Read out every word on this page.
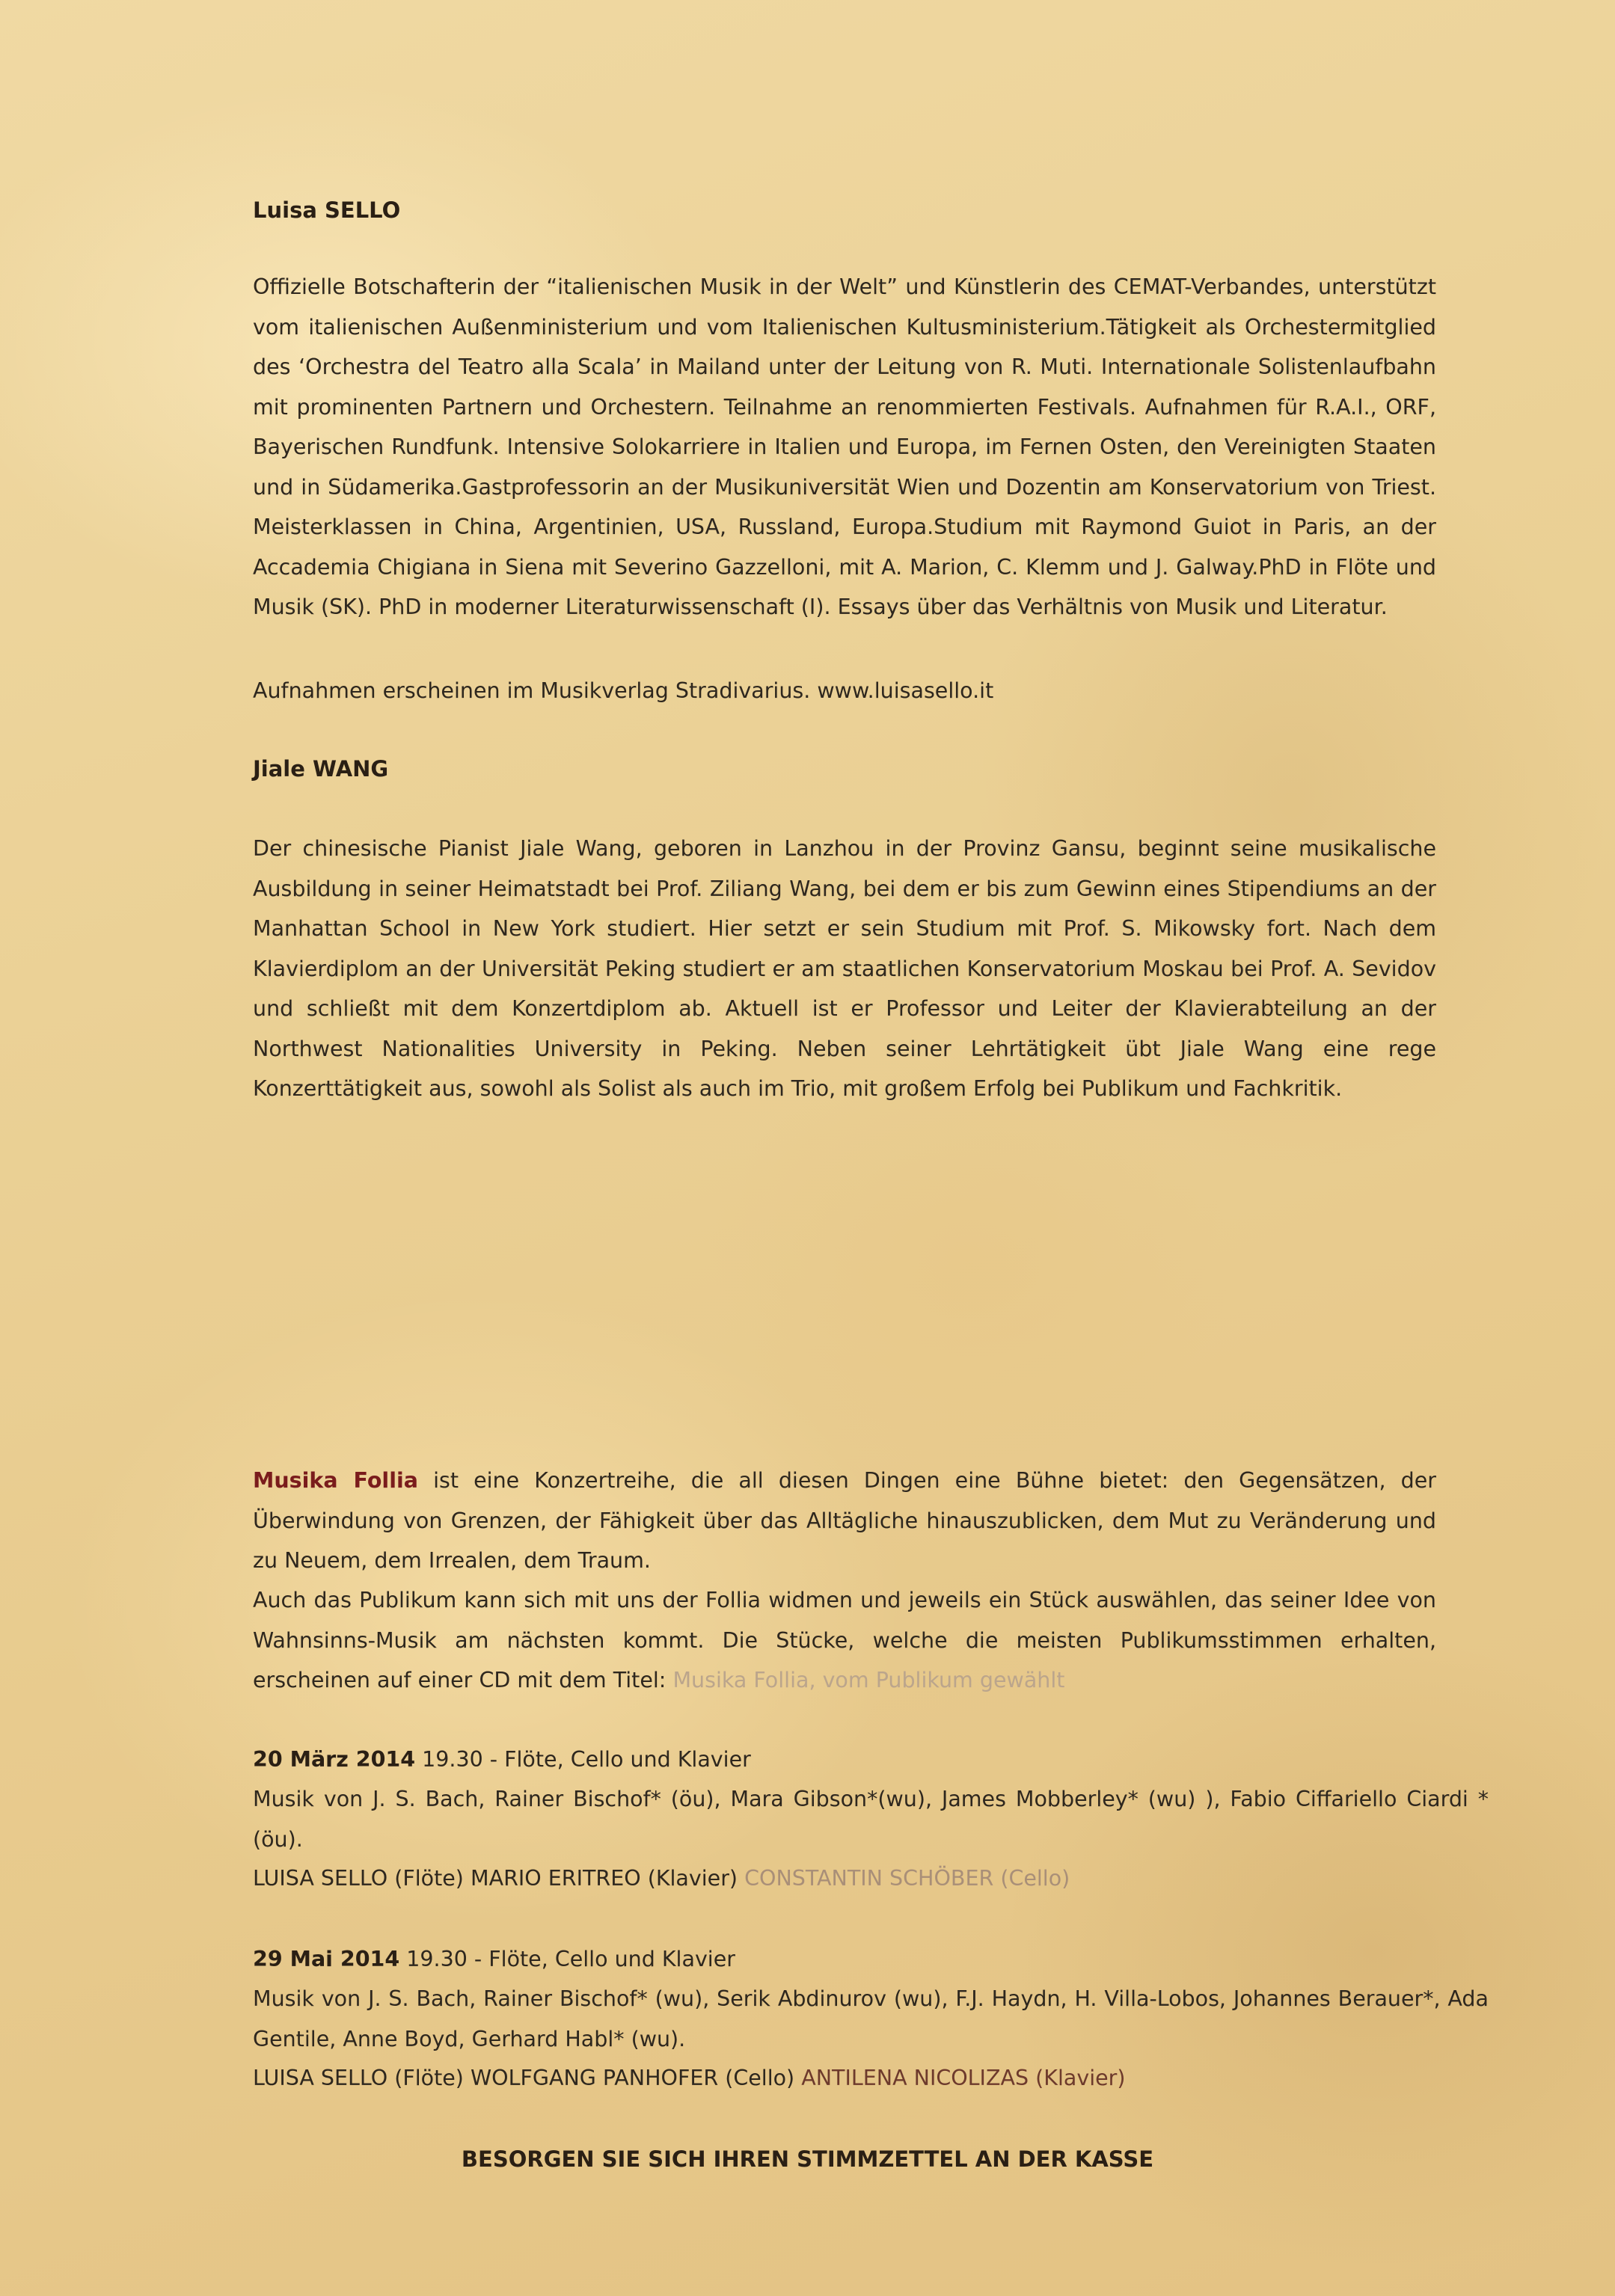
Luisa SELLO

Offizielle Botschafterin der “italienischen Musik in der Welt” und Künstlerin des CEMAT-Verbandes, unterstützt vom italienischen Außenministerium und vom Italienischen Kultusministerium.Tätigkeit als Orchestermitglied des ‘Orchestra del Teatro alla Scala’ in Mailand unter der Leitung von R. Muti. Internationale Solistenlaufbahn mit prominenten Partnern und Orchestern. Teilnahme an renommierten Festivals. Aufnahmen für R.A.I., ORF, Bayerischen Rundfunk. Intensive Solokarriere in Italien und Europa, im Fernen Osten, den Vereinigten Staaten und in Südamerika.Gastprofessorin an der Musikuniversität Wien und Dozentin am Konservatorium von Triest. Meisterklassen in China, Argentinien, USA, Russland, Europa.Studium mit Raymond Guiot in Paris, an der Accademia Chigiana in Siena mit Severino Gazzelloni, mit A. Marion, C. Klemm und J. Galway.PhD in Flöte und Musik (SK). PhD in moderner Literaturwissenschaft (I). Essays über das Verhältnis von Musik und Literatur.

Aufnahmen erscheinen im Musikverlag Stradivarius. www.luisasello.it

Jiale WANG

Der chinesische Pianist Jiale Wang, geboren in Lanzhou in der Provinz Gansu, beginnt seine musikalische Ausbildung in seiner Heimatstadt bei Prof. Ziliang Wang, bei dem er bis zum Gewinn eines Stipendiums an der Manhattan School in New York studiert. Hier setzt er sein Studium mit Prof. S. Mikowsky fort. Nach dem Klavierdiplom an der Universität Peking studiert er am staatlichen Konservatorium Moskau bei Prof. A. Sevidov und schließt mit dem Konzertdiplom ab. Aktuell ist er Professor und Leiter der Klavierabteilung an der Northwest Nationalities University in Peking. Neben seiner Lehrtätigkeit übt Jiale Wang eine rege Konzerttätigkeit aus, sowohl als Solist als auch im Trio, mit großem Erfolg bei Publikum und Fachkritik.

Musika Follia ist eine Konzertreihe, die all diesen Dingen eine Bühne bietet: den Gegensätzen, der Überwindung von Grenzen, der Fähigkeit über das Alltägliche hinauszublicken, dem Mut zu Veränderung und zu Neuem, dem Irrealen, dem Traum.

Auch das Publikum kann sich mit uns der Follia widmen und jeweils ein Stück auswählen, das seiner Idee von Wahnsinns-Musik am nächsten kommt. Die Stücke, welche die meisten Publikumsstimmen erhalten, erscheinen auf einer CD mit dem Titel: Musika Follia, vom Publikum gewählt

20 März 2014 19.30 - Flöte, Cello und Klavier

Musik von J. S. Bach, Rainer Bischof* (öu), Mara Gibson*(wu), James Mobberley* (wu) ), Fabio Ciffariello Ciardi * (öu).

LUISA SELLO (Flöte) MARIO ERITREO (Klavier) CONSTANTIN SCHÖBER (Cello)

29 Mai 2014 19.30 - Flöte, Cello und Klavier

Musik von J. S. Bach, Rainer Bischof* (wu), Serik Abdinurov (wu), F.J. Haydn, H. Villa-Lobos, Johannes Berauer*, Ada Gentile, Anne Boyd, Gerhard Habl* (wu).

LUISA SELLO (Flöte) WOLFGANG PANHOFER (Cello) ANTILENA NICOLIZAS (Klavier)

BESORGEN SIE SICH IHREN STIMMZETTEL AN DER KASSE
